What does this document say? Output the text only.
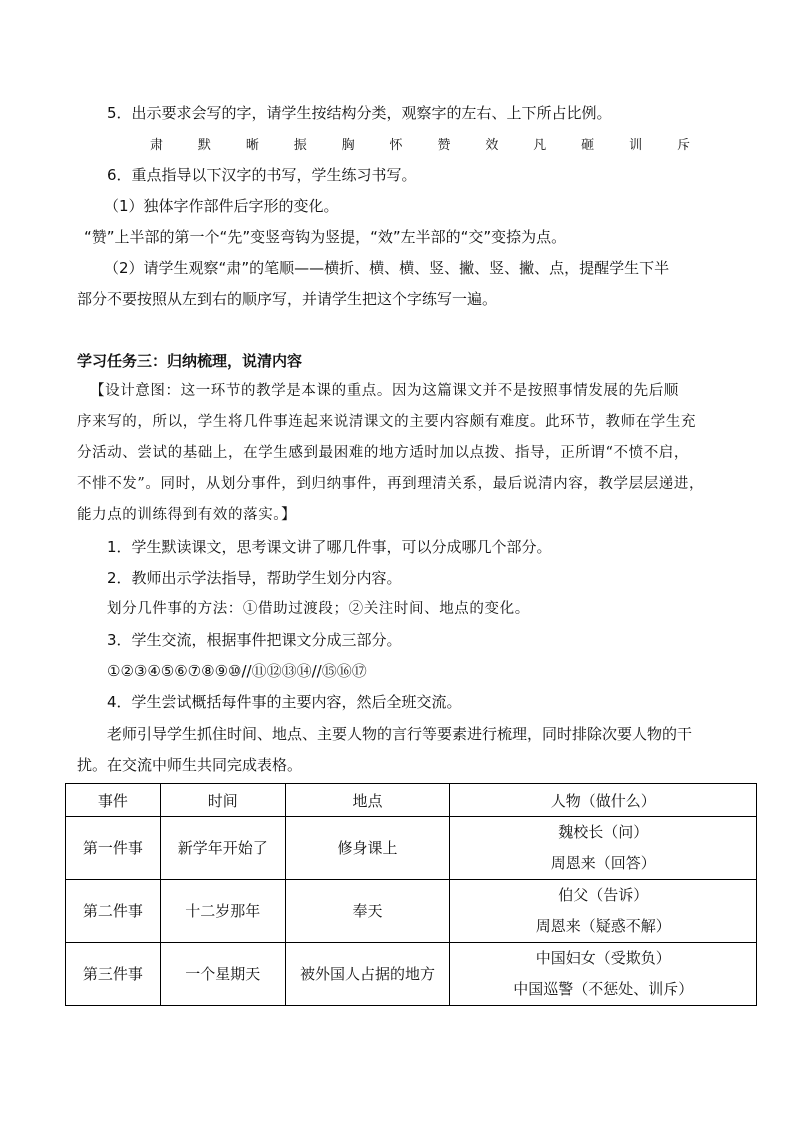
5．出示要求会写的字，请学生按结构分类，观察字的左右、上下所占比例。
肃	默	晰	振	胸	怀	赞	效	凡	砸	训	斥
6．重点指导以下汉字的书写，学生练习书写。
（1）独体字作部件后字形的变化。
“赞”上半部的第一个“先”变竖弯钩为竖提，“效”左半部的“交”变捺为点。
（2）请学生观察“肃”的笔顺——横折、横、横、竖、撇、竖、撇、点，提醒学生下半
部分不要按照从左到右的顺序写，并请学生把这个字练写一遍。
学习任务三：归纳梳理，说清内容
【设计意图：这一环节的教学是本课的重点。因为这篇课文并不是按照事情发展的先后顺
序来写的，所以，学生将几件事连起来说清课文的主要内容颇有难度。此环节，教师在学生充
分活动、尝试的基础上，在学生感到最困难的地方适时加以点拨、指导，正所谓“不愤不启，
不悱不发”。同时，从划分事件，到归纳事件，再到理清关系，最后说清内容，教学层层递进，
能力点的训练得到有效的落实。】
1．学生默读课文，思考课文讲了哪几件事，可以分成哪几个部分。
2．教师出示学法指导，帮助学生划分内容。
划分几件事的方法：①借助过渡段；②关注时间、地点的变化。
3．学生交流，根据事件把课文分成三部分。
①②③④⑤⑥⑦⑧⑨⑩//⑪⑫⑬⑭//⑮⑯⑰
4．学生尝试概括每件事的主要内容，然后全班交流。
老师引导学生抓住时间、地点、主要人物的言行等要素进行梳理，同时排除次要人物的干
扰。在交流中师生共同完成表格。
事件	时间	地点	人物（做什么）
第一件事	新学年开始了	修身课上	魏校长（问）
周恩来（回答）

第二件事	十二岁那年	奉天	伯父（告诉）
周恩来（疑惑不解）

第三件事	一个星期天	被外国人占据的地方	中国妇女（受欺负）
中国巡警（不惩处、训斥）
